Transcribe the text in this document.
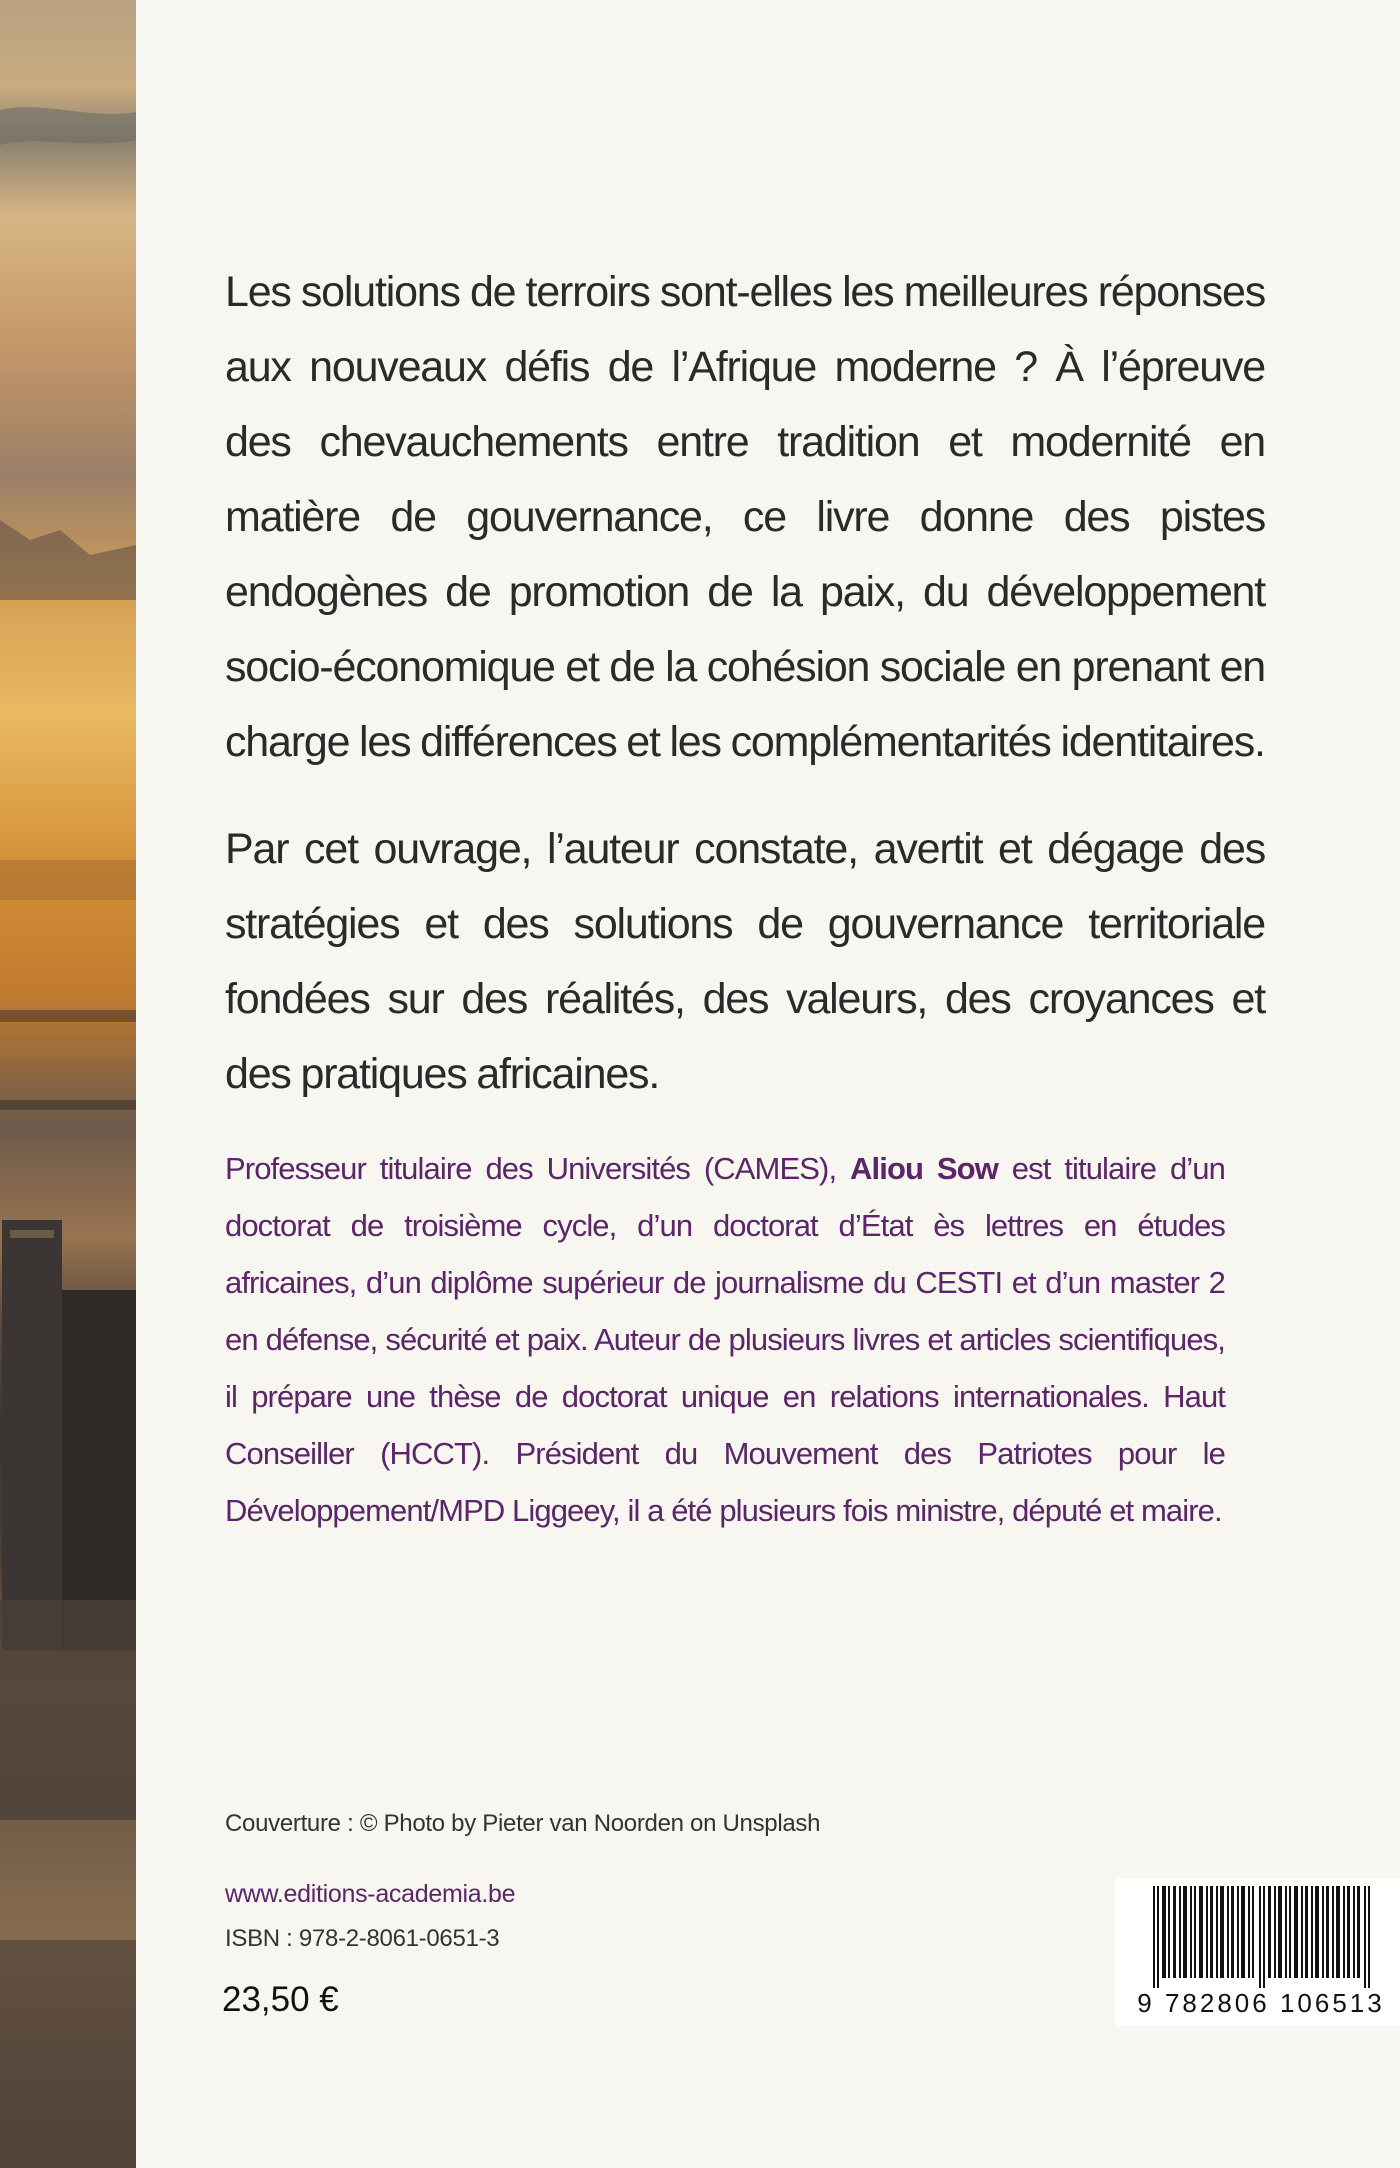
Les solutions de terroirs sont-elles les meilleures réponses aux nouveaux défis de l’Afrique moderne ? À l’épreuve des chevauchements entre tradition et modernité en matière de gouvernance, ce livre donne des pistes endogènes de promotion de la paix, du développement socio-économique et de la cohésion sociale en prenant en charge les différences et les complémentarités identitaires.

Par cet ouvrage, l’auteur constate, avertit et dégage des stratégies et des solutions de gouvernance territoriale fondées sur des réalités, des valeurs, des croyances et des pratiques africaines.

Professeur titulaire des Universités (CAMES), Aliou Sow est titulaire d’un doctorat de troisième cycle, d’un doctorat d’État ès lettres en études africaines, d’un diplôme supérieur de journalisme du CESTI et d’un master 2 en défense, sécurité et paix. Auteur de plusieurs livres et articles scientifiques, il prépare une thèse de doctorat unique en relations internationales. Haut Conseiller (HCCT). Président du Mouvement des Patriotes pour le Développement/MPD Liggeey, il a été plusieurs fois ministre, député et maire.

Couverture : © Photo by Pieter van Noorden on Unsplash
www.editions-academia.be
ISBN : 978-2-8061-0651-3
23,50 €	9 782806 106513
